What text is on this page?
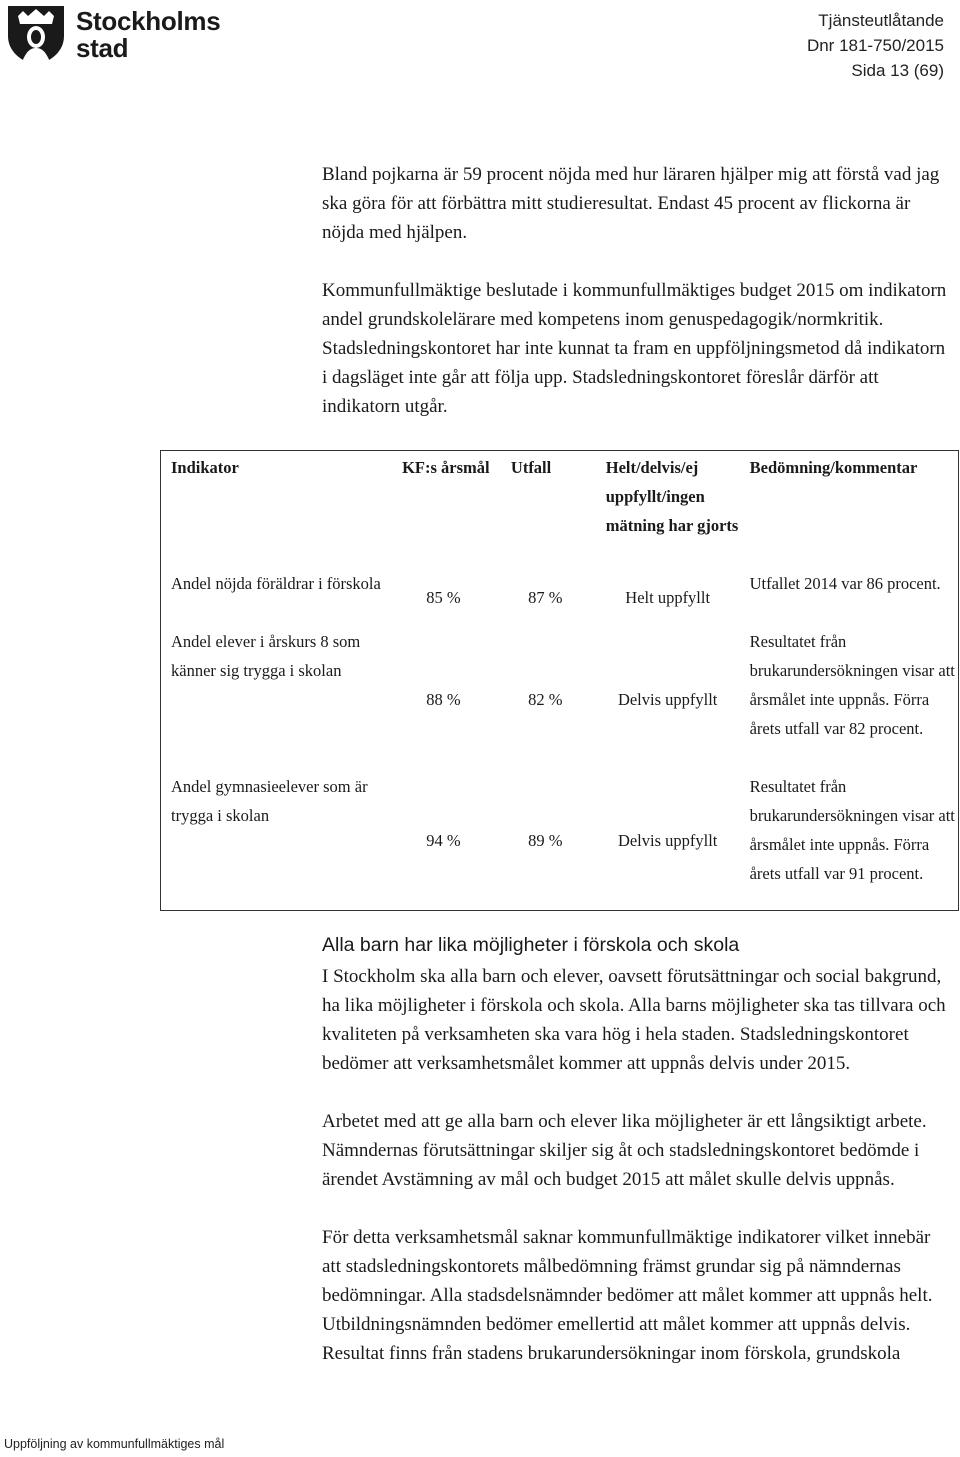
Stockholms
stad
Tjänsteutlåtande
Dnr 181-750/2015
Sida 13 (69)

Bland pojkarna är 59 procent nöjda med hur läraren hjälper mig att förstå vad jag ska göra för att förbättra mitt studieresultat. Endast 45 procent av flickorna är nöjda med hjälpen.

Kommunfullmäktige beslutade i kommunfullmäktiges budget 2015 om indikatorn andel grundskolelärare med kompetens inom genuspedagogik/normkritik. Stadsledningskontoret har inte kunnat ta fram en uppföljningsmetod då indikatorn i dagsläget inte går att följa upp. Stadsledningskontoret föreslår därför att indikatorn utgår.

Indikator	KF:s årsmål	Utfall	Helt/delvis/ej uppfyllt/ingen mätning har gjorts	Bedömning/kommentar
Andel nöjda föräldrar i förskola	85 %	87 %	Helt uppfyllt	Utfallet 2014 var 86 procent.
Andel elever i årskurs 8 som känner sig trygga i skolan	88 %	82 %	Delvis uppfyllt	Resultatet från brukarundersökningen visar att årsmålet inte uppnås. Förra årets utfall var 82 procent.
Andel gymnasieelever som är trygga i skolan	94 %	89 %	Delvis uppfyllt	Resultatet från brukarundersökningen visar att årsmålet inte uppnås. Förra årets utfall var 91 procent.
Alla barn har lika möjligheter i förskola och skola

I Stockholm ska alla barn och elever, oavsett förutsättningar och social bakgrund, ha lika möjligheter i förskola och skola. Alla barns möjligheter ska tas tillvara och kvaliteten på verksamheten ska vara hög i hela staden. Stadsledningskontoret bedömer att verksamhetsmålet kommer att uppnås delvis under 2015.

Arbetet med att ge alla barn och elever lika möjligheter är ett långsiktigt arbete. Nämndernas förutsättningar skiljer sig åt och stadsledningskontoret bedömde i ärendet Avstämning av mål och budget 2015 att målet skulle delvis uppnås.

För detta verksamhetsmål saknar kommunfullmäktige indikatorer vilket innebär att stadsledningskontorets målbedömning främst grundar sig på nämndernas bedömningar. Alla stadsdelsnämnder bedömer att målet kommer att uppnås helt. Utbildningsnämnden bedömer emellertid att målet kommer att uppnås delvis. Resultat finns från stadens brukarundersökningar inom förskola, grundskola

Uppföljning av kommunfullmäktiges mål
